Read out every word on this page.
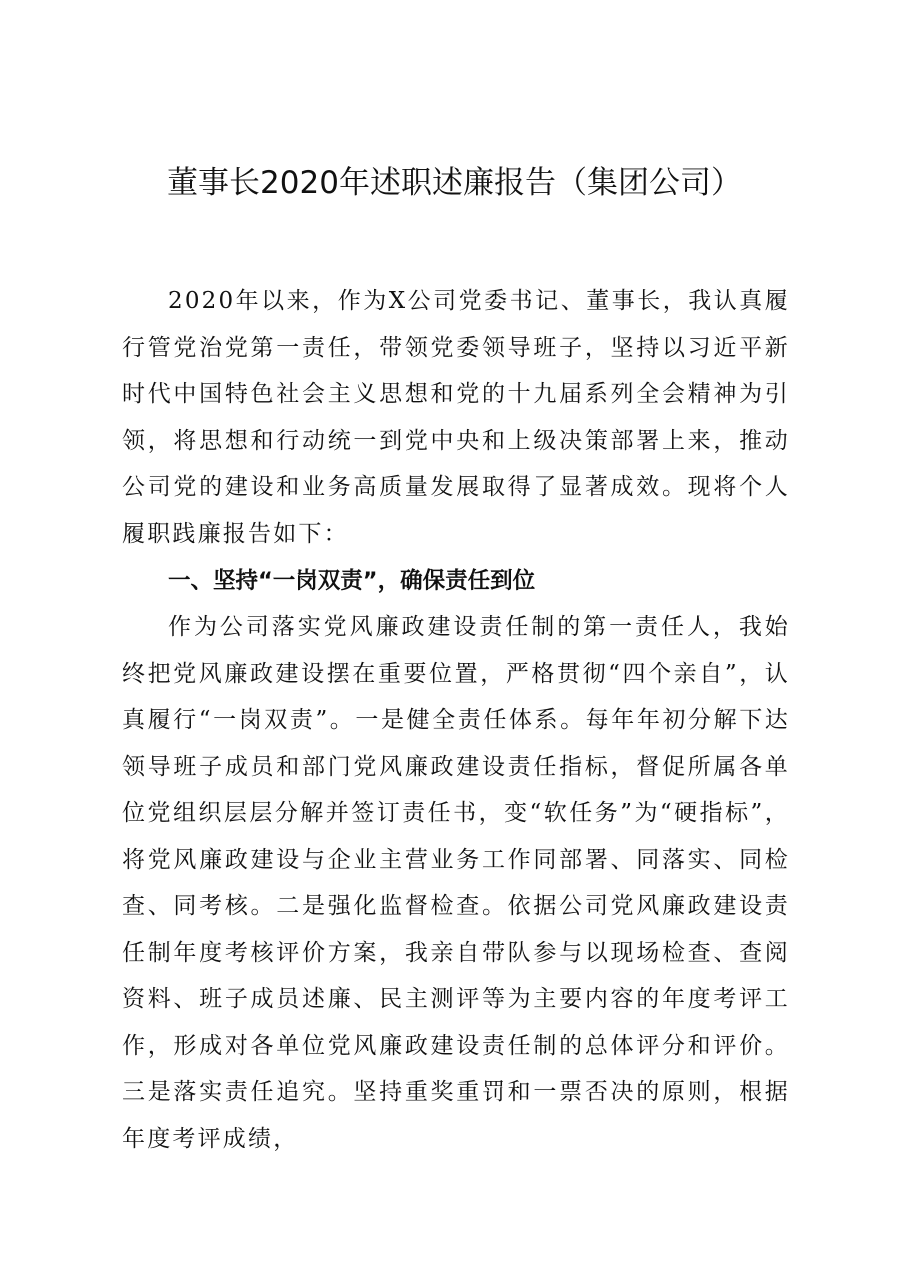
董事长2020年述职述廉报告（集团公司）

2020年以来，作为X公司党委书记、董事长，我认真履行管党治党第一责任，带领党委领导班子，坚持以习近平新时代中国特色社会主义思想和党的十九届系列全会精神为引领，将思想和行动统一到党中央和上级决策部署上来，推动公司党的建设和业务高质量发展取得了显著成效。现将个人履职践廉报告如下：

一、坚持“一岗双责”，确保责任到位

作为公司落实党风廉政建设责任制的第一责任人，我始终把党风廉政建设摆在重要位置，严格贯彻“四个亲自”，认真履行“一岗双责”。一是健全责任体系。每年年初分解下达领导班子成员和部门党风廉政建设责任指标，督促所属各单位党组织层层分解并签订责任书，变“软任务”为“硬指标”，将党风廉政建设与企业主营业务工作同部署、同落实、同检查、同考核。二是强化监督检查。依据公司党风廉政建设责任制年度考核评价方案，我亲自带队参与以现场检查、查阅资料、班子成员述廉、民主测评等为主要内容的年度考评工作，形成对各单位党风廉政建设责任制的总体评分和评价。三是落实责任追究。坚持重奖重罚和一票否决的原则，根据年度考评成绩，
